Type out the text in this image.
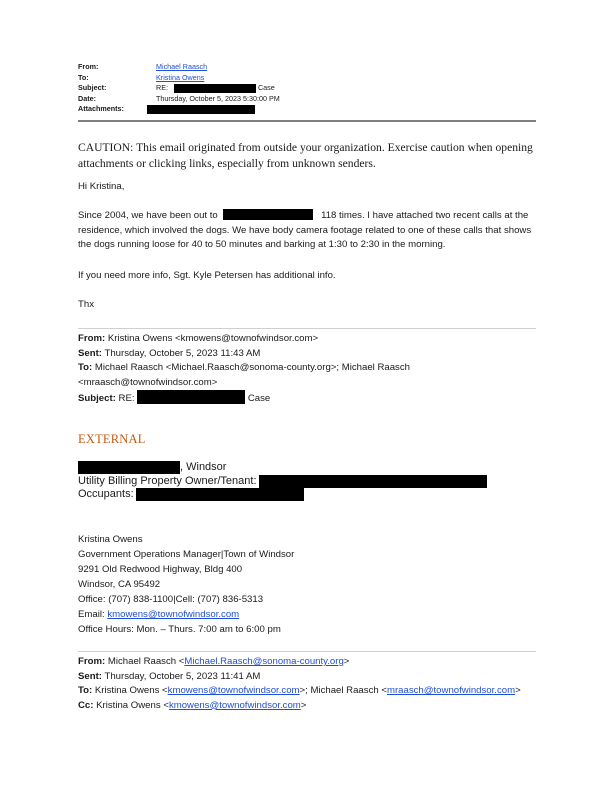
From:	Michael Raasch
To:	Kristina Owens
Subject:	RE:	Case
Date:	Thursday, October 5, 2023 5:30:00 PM
Attachments:
CAUTION: This email originated from outside your organization. Exercise caution when opening attachments or clicking links, especially from unknown senders.
Hi Kristina,
Since 2004, we have been out to	118 times. I have attached two recent calls at the residence, which involved the dogs. We have body camera footage related to one of these calls that shows the dogs running loose for 40 to 50 minutes and barking at 1:30 to 2:30 in the morning.
If you need more info, Sgt. Kyle Petersen has additional info.
Thx
From: Kristina Owens <kmowens@townofwindsor.com>
Sent: Thursday, October 5, 2023 11:43 AM
To: Michael Raasch <Michael.Raasch@sonoma-county.org>; Michael Raasch <mraasch@townofwindsor.com>
Subject: RE:	Case
EXTERNAL
, Windsor
Utility Billing Property Owner/Tenant:
Occupants:
Kristina Owens
Government Operations Manager|Town of Windsor
9291 Old Redwood Highway, Bldg 400
Windsor, CA 95492
Office: (707) 838-1100|Cell: (707) 836-5313
Email: kmowens@townofwindsor.com
Office Hours: Mon. – Thurs. 7:00 am to 6:00 pm
From: Michael Raasch <Michael.Raasch@sonoma-county.org>
Sent: Thursday, October 5, 2023 11:41 AM
To: Kristina Owens <kmowens@townofwindsor.com>; Michael Raasch <mraasch@townofwindsor.com>
Cc: Kristina Owens <kmowens@townofwindsor.com>
